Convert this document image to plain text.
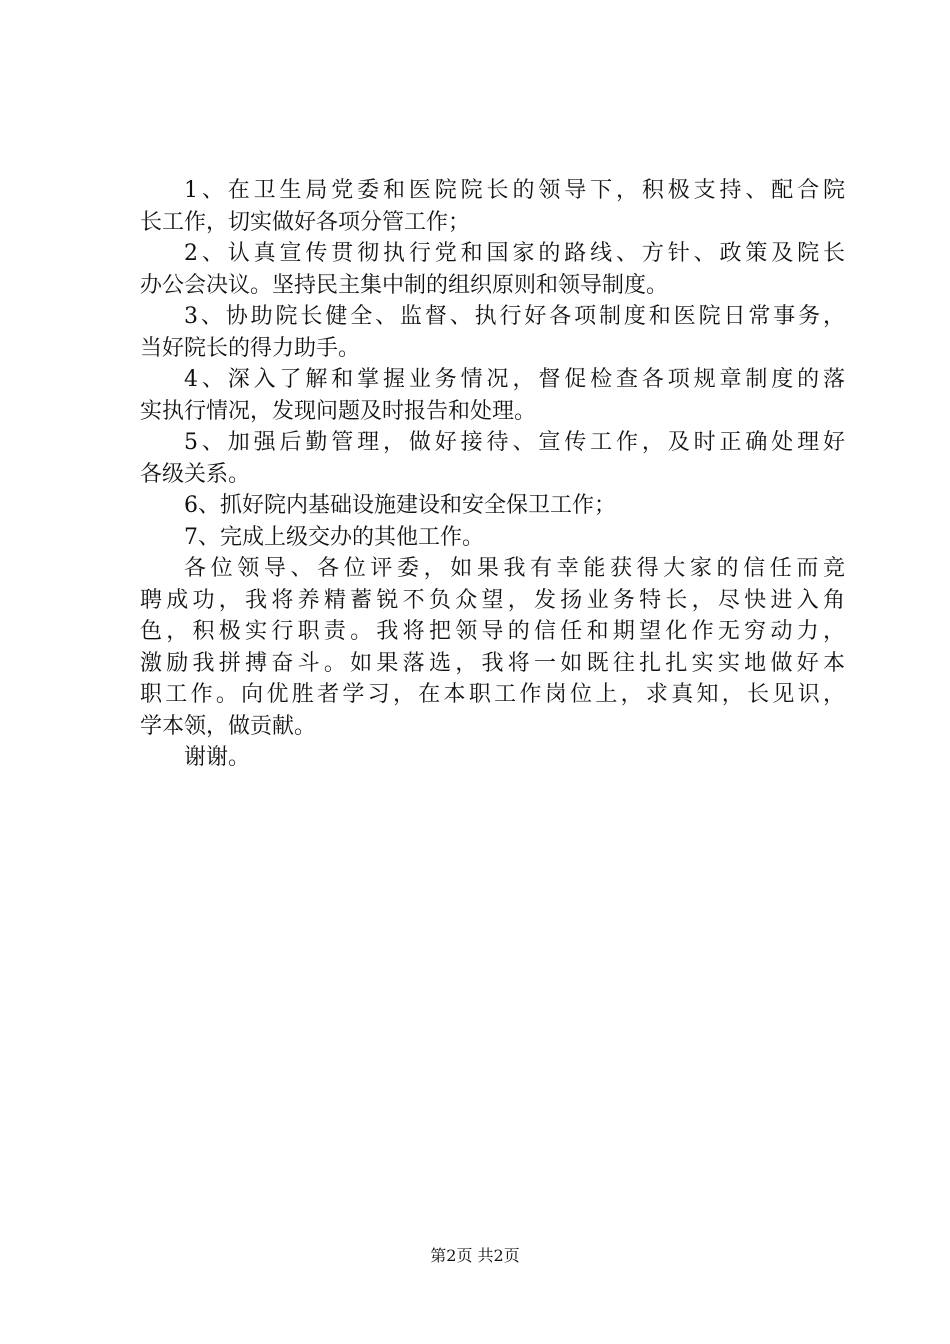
1、在卫生局党委和医院院长的领导下，积极支持、配合院
长工作，切实做好各项分管工作；
2、认真宣传贯彻执行党和国家的路线、方针、政策及院长
办公会决议。坚持民主集中制的组织原则和领导制度。
3、协助院长健全、监督、执行好各项制度和医院日常事务，
当好院长的得力助手。
4、深入了解和掌握业务情况，督促检查各项规章制度的落
实执行情况，发现问题及时报告和处理。
5、加强后勤管理，做好接待、宣传工作，及时正确处理好
各级关系。
6、抓好院内基础设施建设和安全保卫工作；
7、完成上级交办的其他工作。
各位领导、各位评委，如果我有幸能获得大家的信任而竞
聘成功，我将养精蓄锐不负众望，发扬业务特长，尽快进入角
色，积极实行职责。我将把领导的信任和期望化作无穷动力，
激励我拼搏奋斗。如果落选，我将一如既往扎扎实实地做好本
职工作。向优胜者学习，在本职工作岗位上，求真知，长见识，
学本领，做贡献。
谢谢。
第2页 共2页
